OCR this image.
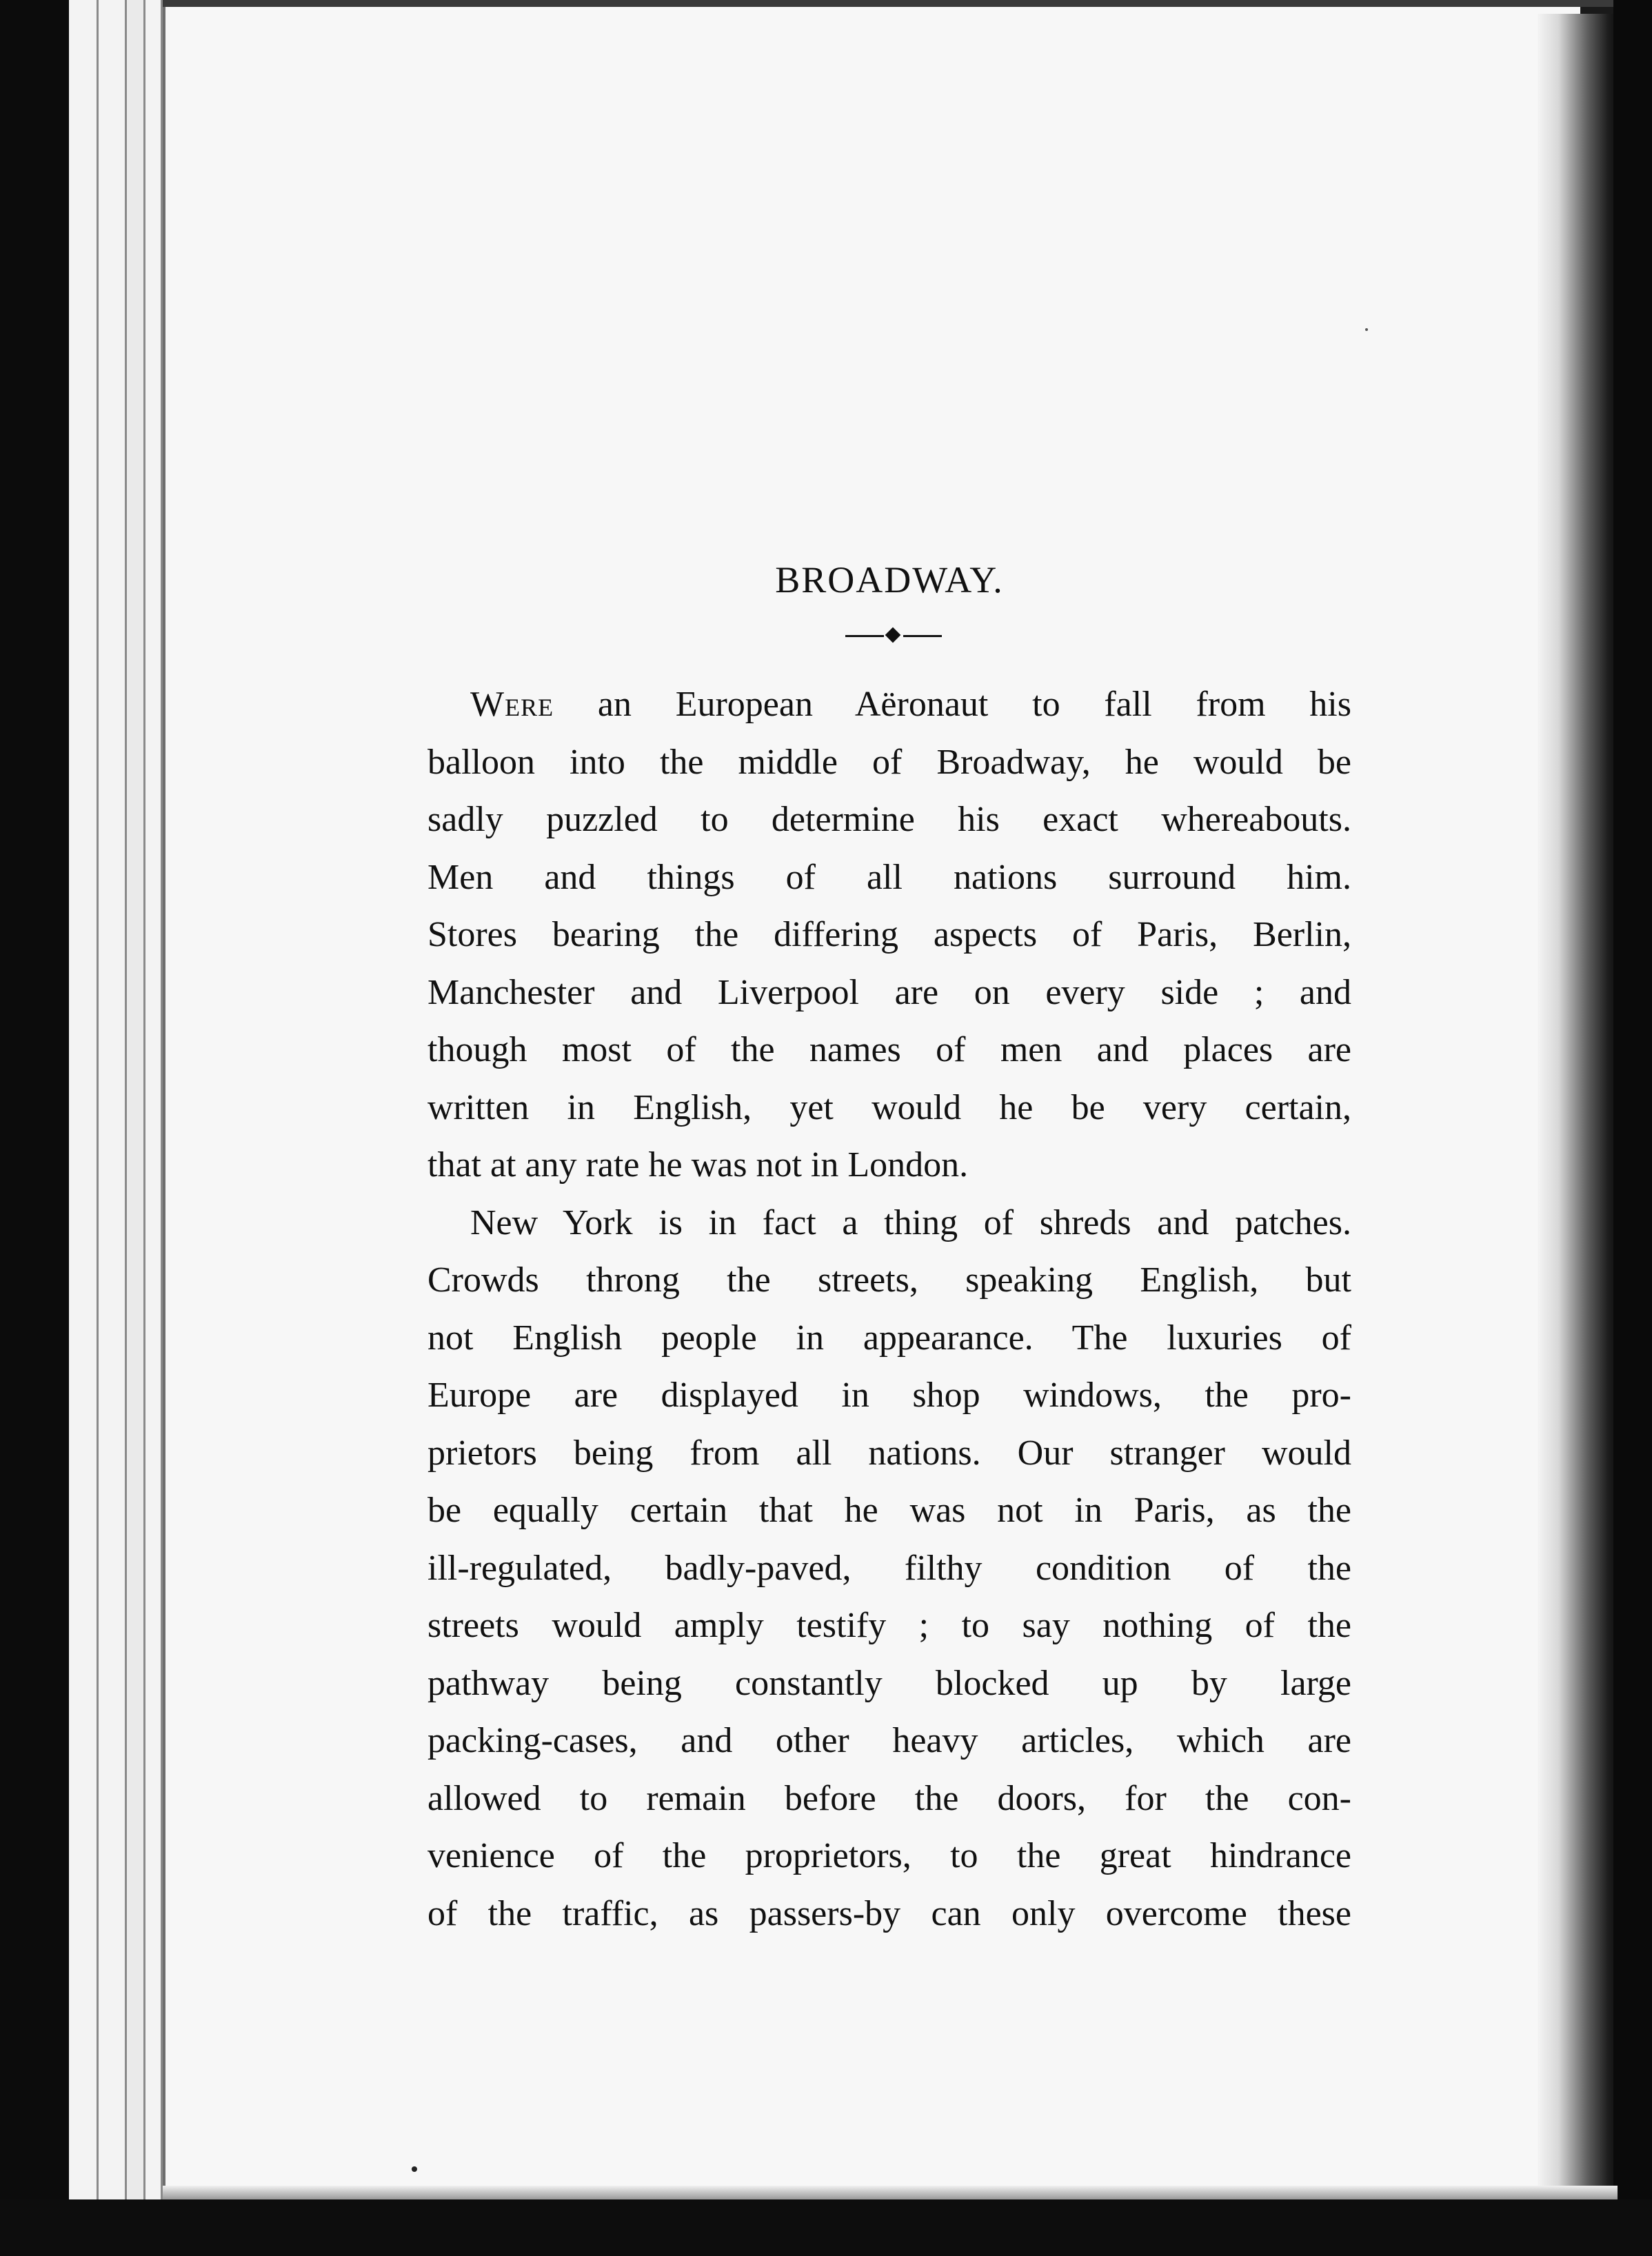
BROADWAY.
Were an European Aëronaut to fall from his
balloon into the middle of Broadway, he would be
sadly puzzled to determine his exact whereabouts.
Men and things of all nations surround him.
Stores bearing the differing aspects of Paris, Berlin,
Manchester and Liverpool are on every side ; and
though most of the names of men and places are
written in English, yet would he be very certain,
that at any rate he was not in London.
New York is in fact a thing of shreds and patches.
Crowds throng the streets, speaking English, but
not English people in appearance. The luxuries of
Europe are displayed in shop windows, the pro-
prietors being from all nations. Our stranger would
be equally certain that he was not in Paris, as the
ill-regulated, badly-paved, filthy condition of the
streets would amply testify ; to say nothing of the
pathway being constantly blocked up by large
packing-cases, and other heavy articles, which are
allowed to remain before the doors, for the con-
venience of the proprietors, to the great hindrance
of the traffic, as passers-by can only overcome these
